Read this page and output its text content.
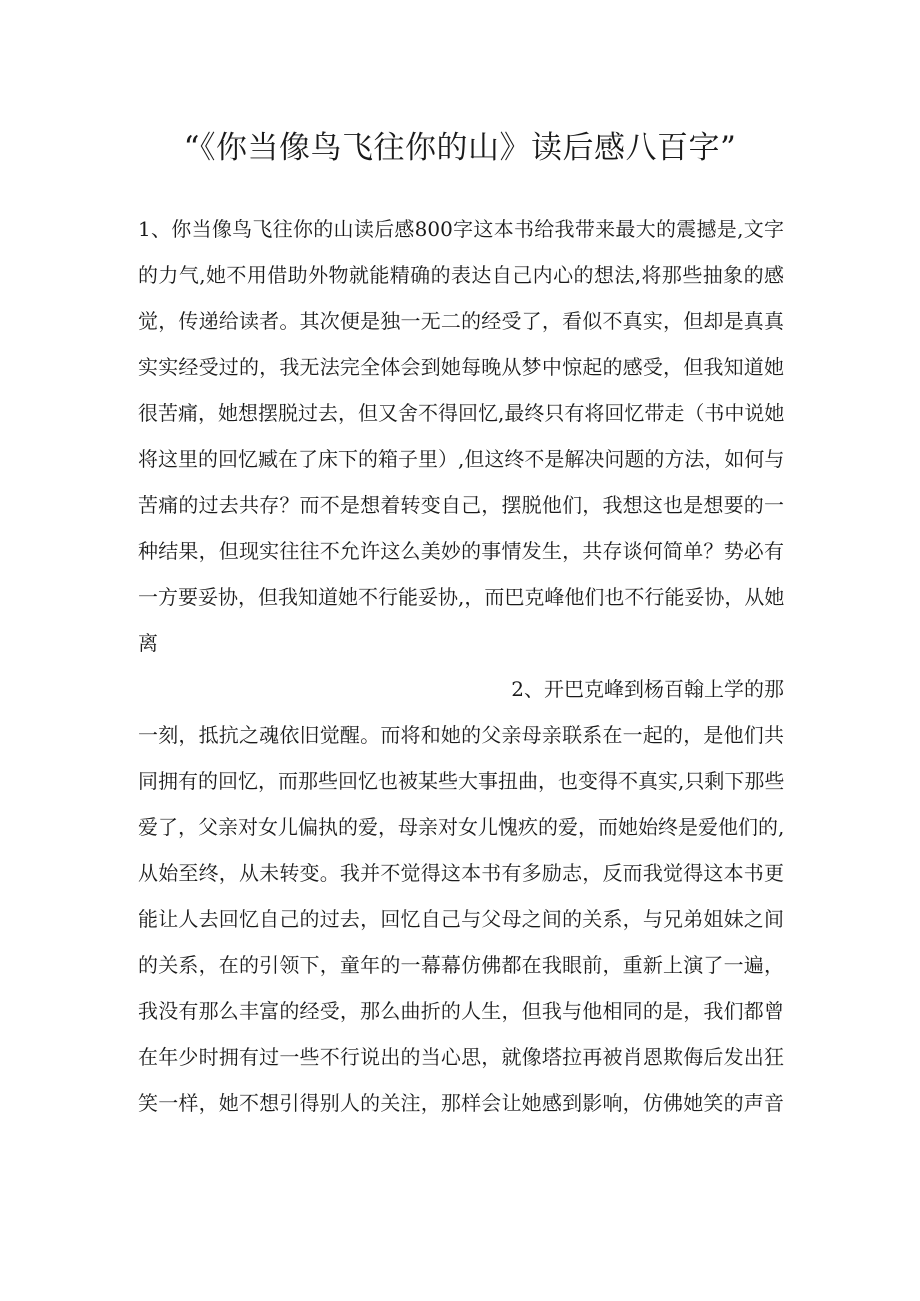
“《你当像鸟飞往你的山》读后感八百字”
1、你当像鸟飞往你的山读后感800字这本书给我带来最大的震撼是,文字
的力气,她不用借助外物就能精确的表达自己内心的想法,将那些抽象的感
觉，传递给读者。其次便是独一无二的经受了，看似不真实，但却是真真
实实经受过的，我无法完全体会到她每晚从梦中惊起的感受，但我知道她
很苦痛，她想摆脱过去，但又舍不得回忆,最终只有将回忆带走（书中说她
将这里的回忆臧在了床下的箱子里）,但这终不是解决问题的方法，如何与
苦痛的过去共存？而不是想着转变自己，摆脱他们，我想这也是想要的一
种结果，但现实往往不允许这么美妙的事情发生，共存谈何简单？势必有
一方要妥协，但我知道她不行能妥协,，而巴克峰他们也不行能妥协，从她
离
2、开巴克峰到杨百翰上学的那
一刻，抵抗之魂依旧觉醒。而将和她的父亲母亲联系在一起的，是他们共
同拥有的回忆，而那些回忆也被某些大事扭曲，也变得不真实,只剩下那些
爱了，父亲对女儿偏执的爱，母亲对女儿愧疚的爱，而她始终是爱他们的,
从始至终，从未转变。我并不觉得这本书有多励志，反而我觉得这本书更
能让人去回忆自己的过去，回忆自己与父母之间的关系，与兄弟姐妹之间
的关系，在的引领下，童年的一幕幕仿佛都在我眼前，重新上演了一遍，
我没有那么丰富的经受，那么曲折的人生，但我与他相同的是，我们都曾
在年少时拥有过一些不行说出的当心思，就像塔拉再被肖恩欺侮后发出狂
笑一样，她不想引得别人的关注，那样会让她感到影响，仿佛她笑的声音
